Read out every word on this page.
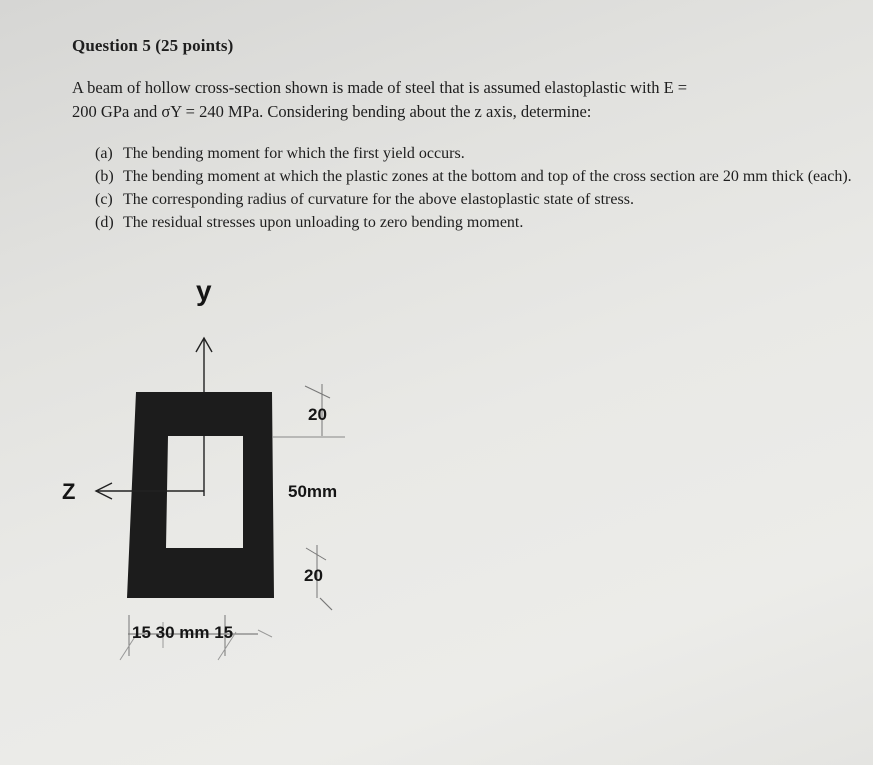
Question 5 (25 points)
A beam of hollow cross-section shown is made of steel that is assumed elastoplastic with E =
200 GPa and σY = 240 MPa. Considering bending about the z axis, determine:
(a) The bending moment for which the first yield occurs.
(b) The bending moment at which the plastic zones at the bottom and top of the cross section are 20 mm thick (each).
(c) The corresponding radius of curvature for the above elastoplastic state of stress.
(d) The residual stresses upon unloading to zero bending moment.
y
Z
20
50mm
20
15 30 mm 15
